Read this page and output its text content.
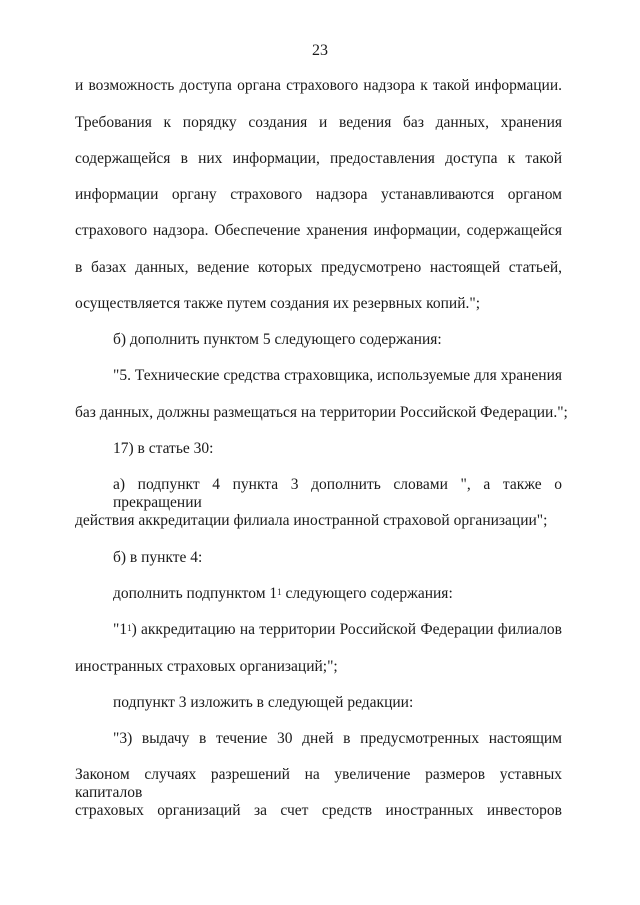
23
и возможность доступа органа страхового надзора к такой информации.
Требования к порядку создания и ведения баз данных, хранения
содержащейся в них информации, предоставления доступа к такой
информации органу страхового надзора устанавливаются органом
страхового надзора. Обеспечение хранения информации, содержащейся
в базах данных, ведение которых предусмотрено настоящей статьей,
осуществляется также путем создания их резервных копий.";
б) дополнить пунктом 5 следующего содержания:
"5. Технические средства страховщика, используемые для хранения
баз данных, должны размещаться на территории Российской Федерации.";
17) в статье 30:
а) подпункт 4 пункта 3 дополнить словами ", а также о прекращении
действия аккредитации филиала иностранной страховой организации";
б) в пункте 4:
дополнить подпунктом $1^1$ следующего содержания:
"$1^1$) аккредитацию на территории Российской Федерации филиалов
иностранных страховых организаций;";
подпункт 3 изложить в следующей редакции:
"3) выдачу в течение 30 дней в предусмотренных настоящим
Законом случаях разрешений на увеличение размеров уставных капиталов
страховых организаций за счет средств иностранных инвесторов
